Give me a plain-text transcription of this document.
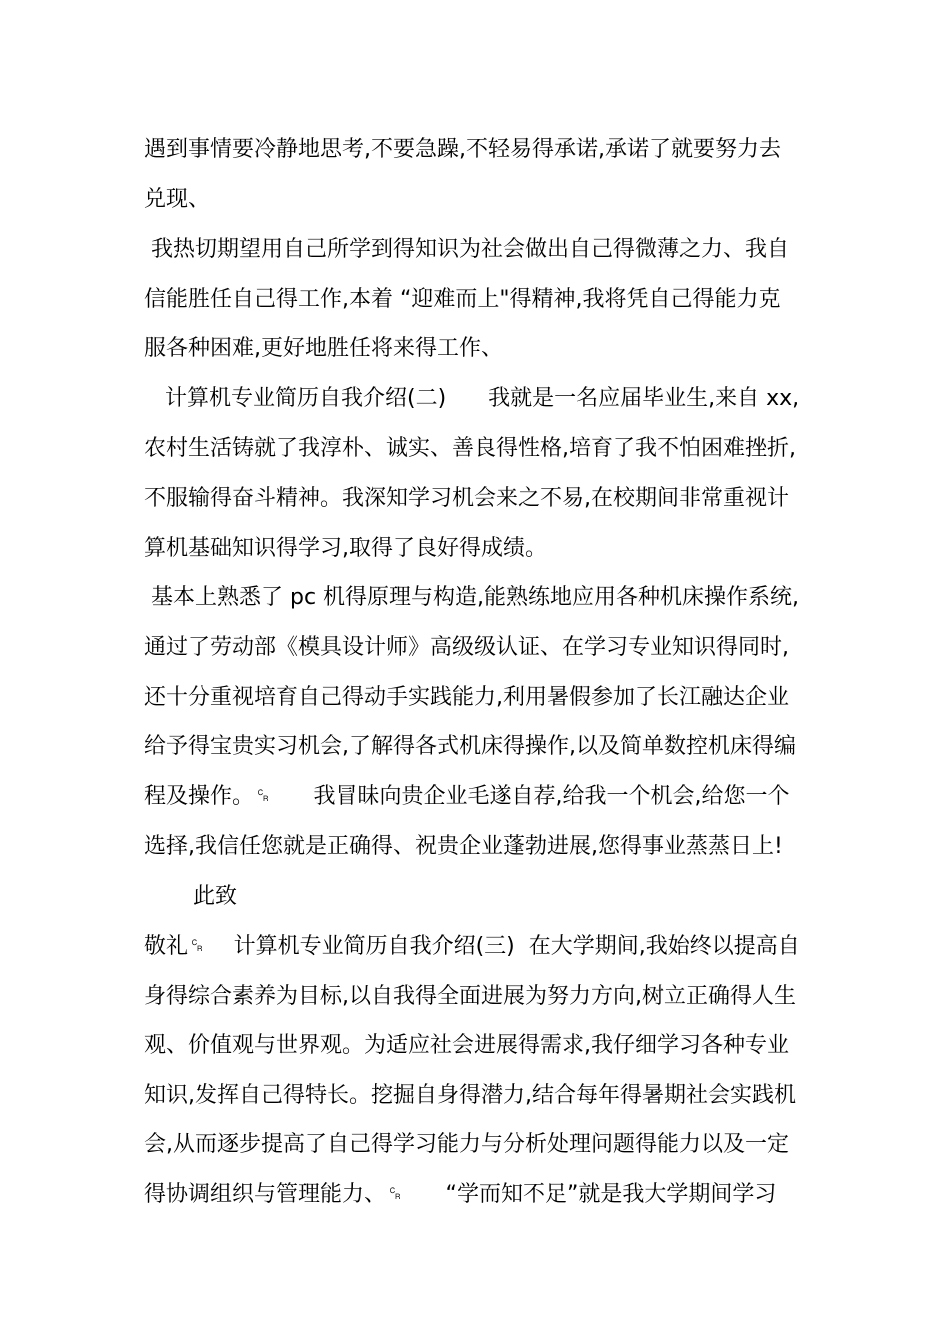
遇到事情要冷静地思考,不要急躁,不轻易得承诺,承诺了就要努力去
兑现、
我热切期望用自己所学到得知识为社会做出自己得微薄之力、我自
信能胜任自己得工作,本着 “迎难而上"得精神,我将凭自己得能力克
服各种困难,更好地胜任将来得工作、
计算机专业简历自我介绍(二)      我就是一名应届毕业生,来自 xx,
农村生活铸就了我淳朴、诚实、善良得性格,培育了我不怕困难挫折,
不服输得奋斗精神。我深知学习机会来之不易,在校期间非常重视计
算机基础知识得学习,取得了良好得成绩。
基本上熟悉了 pc 机得原理与构造,能熟练地应用各种机床操作系统,
通过了劳动部《模具设计师》高级级认证、在学习专业知识得同时,
还十分重视培育自己得动手实践能力,利用暑假参加了长江融达企业
给予得宝贵实习机会,了解得各式机床得操作,以及简单数控机床得编
程及操作。␍      我冒昧向贵企业毛遂自荐,给我一个机会,给您一个
选择,我信任您就是正确得、祝贵企业蓬勃进展,您得事业蒸蒸日上!
此致
敬礼␍    计算机专业简历自我介绍(三)  在大学期间,我始终以提高自
身得综合素养为目标,以自我得全面进展为努力方向,树立正确得人生
观、价值观与世界观。为适应社会进展得需求,我仔细学习各种专业
知识,发挥自己得特长。挖掘自身得潜力,结合每年得暑期社会实践机
会,从而逐步提高了自己得学习能力与分析处理问题得能力以及一定
得协调组织与管理能力、␍      “学而知不足”就是我大学期间学习
